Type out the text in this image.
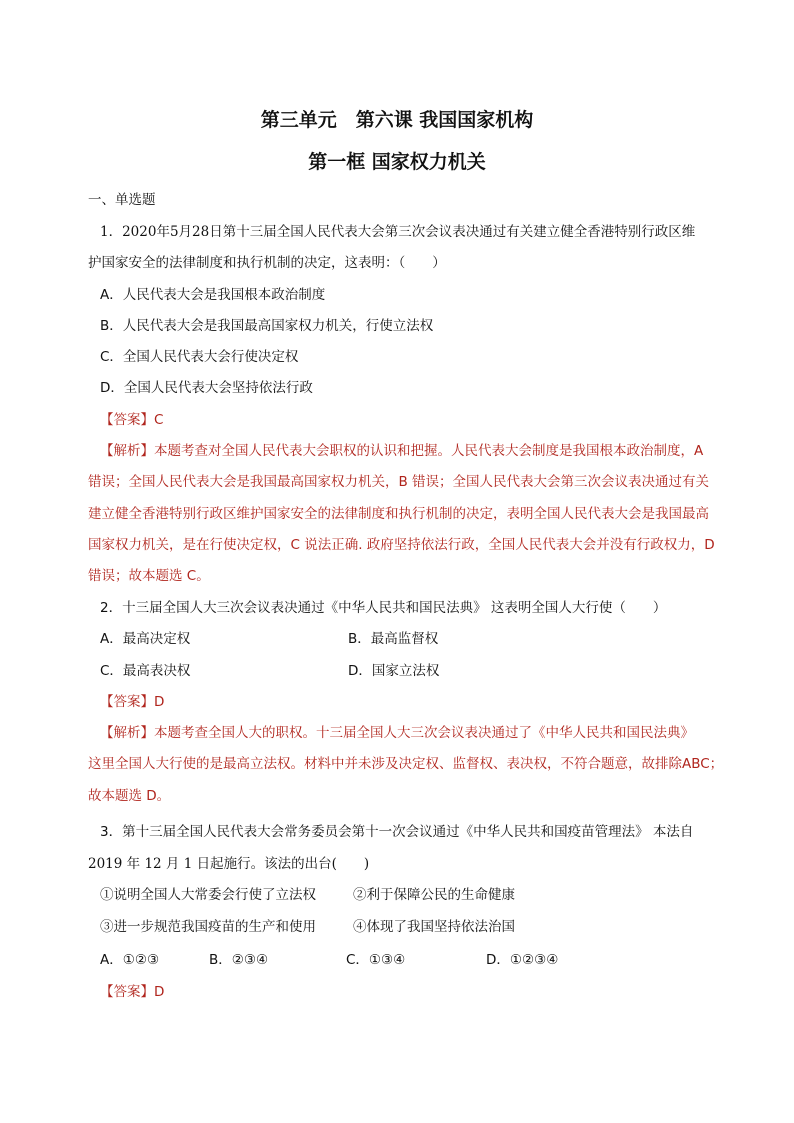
第三单元　第六课 我国国家机构
第一框 国家权力机关
一、单选题
1．2020年5月28日第十三届全国人民代表大会第三次会议表决通过有关建立健全香港特别行政区维
护国家安全的法律制度和执行机制的决定，这表明：（　　）
A．人民代表大会是我国根本政治制度
B．人民代表大会是我国最高国家权力机关，行使立法权
C．全国人民代表大会行使决定权
D．全国人民代表大会坚持依法行政
【答案】C
【解析】本题考查对全国人民代表大会职权的认识和把握。人民代表大会制度是我国根本政治制度，A
错误；全国人民代表大会是我国最高国家权力机关，B 错误；全国人民代表大会第三次会议表决通过有关
建立健全香港特别行政区维护国家安全的法律制度和执行机制的决定，表明全国人民代表大会是我国最高
国家权力机关，是在行使决定权，C 说法正确. 政府坚持依法行政，全国人民代表大会并没有行政权力，D
错误；故本题选 C。
2．十三届全国人大三次会议表决通过《中华人民共和国民法典》 这表明全国人大行使（　　）
A．最高决定权	B．最高监督权
C．最高表决权	D．国家立法权
【答案】D
【解析】本题考查全国人大的职权。十三届全国人大三次会议表决通过了《中华人民共和国民法典》
这里全国人大行使的是最高立法权。材料中并未涉及决定权、监督权、表决权，不符合题意，故排除ABC；
故本题选 D。
3．第十三届全国人民代表大会常务委员会第十一次会议通过《中华人民共和国疫苗管理法》 本法自
2019 年 12 月 1 日起施行。该法的出台(　　)
①说明全国人大常委会行使了立法权	②利于保障公民的生命健康
③进一步规范我国疫苗的生产和使用	④体现了我国坚持依法治国
A．①②③	B．②③④	C．①③④	D．①②③④
【答案】D
